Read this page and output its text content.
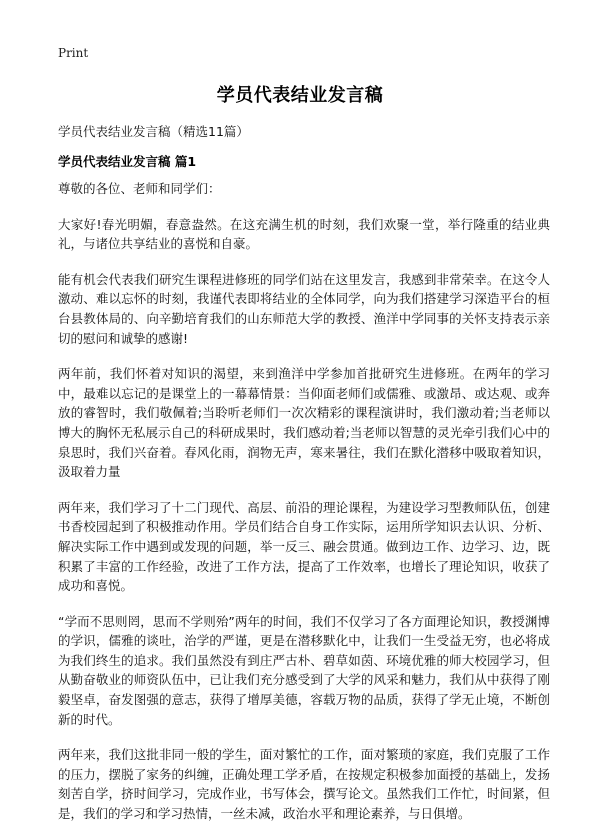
Print
学员代表结业发言稿
学员代表结业发言稿（精选11篇）
学员代表结业发言稿 篇1

尊敬的各位、老师和同学们：

大家好!春光明媚，春意盎然。在这充满生机的时刻，我们欢聚一堂，举行隆重的结业典礼，与诸位共享结业的喜悦和自豪。

能有机会代表我们研究生课程进修班的同学们站在这里发言，我感到非常荣幸。在这令人激动、难以忘怀的时刻，我谨代表即将结业的全体同学，向为我们搭建学习深造平台的桓台县教体局的、向辛勤培育我们的山东师范大学的教授、渔洋中学同事的关怀支持表示亲切的慰问和诚挚的感谢!

两年前，我们怀着对知识的渴望，来到渔洋中学参加首批研究生进修班。在两年的学习中，最难以忘记的是课堂上的一幕幕情景：当仰面老师们或儒雅、或激昂、或达观、或奔放的睿智时，我们敬佩着;当聆听老师们一次次精彩的课程演讲时，我们激动着;当老师以博大的胸怀无私展示自己的科研成果时，我们感动着;当老师以智慧的灵光牵引我们心中的泉思时，我们兴奋着。春风化雨，润物无声，寒来暑往，我们在默化潜移中吸取着知识，汲取着力量

两年来，我们学习了十二门现代、高层、前沿的理论课程，为建设学习型教师队伍，创建书香校园起到了积极推动作用。学员们结合自身工作实际，运用所学知识去认识、分析、解决实际工作中遇到或发现的问题，举一反三、融会贯通。做到边工作、边学习、边，既积累了丰富的工作经验，改进了工作方法，提高了工作效率，也增长了理论知识，收获了成功和喜悦。

“学而不思则罔，思而不学则殆”两年的时间，我们不仅学习了各方面理论知识，教授渊博的学识，儒雅的谈吐，治学的严谨，更是在潜移默化中，让我们一生受益无穷，也必将成为我们终生的追求。我们虽然没有到庄严古朴、碧草如茵、环境优雅的师大校园学习，但从勤奋敬业的师资队伍中，已让我们充分感受到了大学的风采和魅力，我们从中获得了刚毅坚卓，奋发图强的意志，获得了增厚美德，容载万物的品质，获得了学无止境，不断创新的时代。

两年来，我们这批非同一般的学生，面对繁忙的工作，面对繁琐的家庭，我们克服了工作的压力，摆脱了家务的纠缠，正确处理工学矛盾，在按规定积极参加面授的基础上，发扬刻苦自学，挤时间学习，完成作业，书写体会，撰写论文。虽然我们工作忙，时间紧，但是，我们的学习和学习热情，一丝未减，政治水平和理论素养，与日俱增。
